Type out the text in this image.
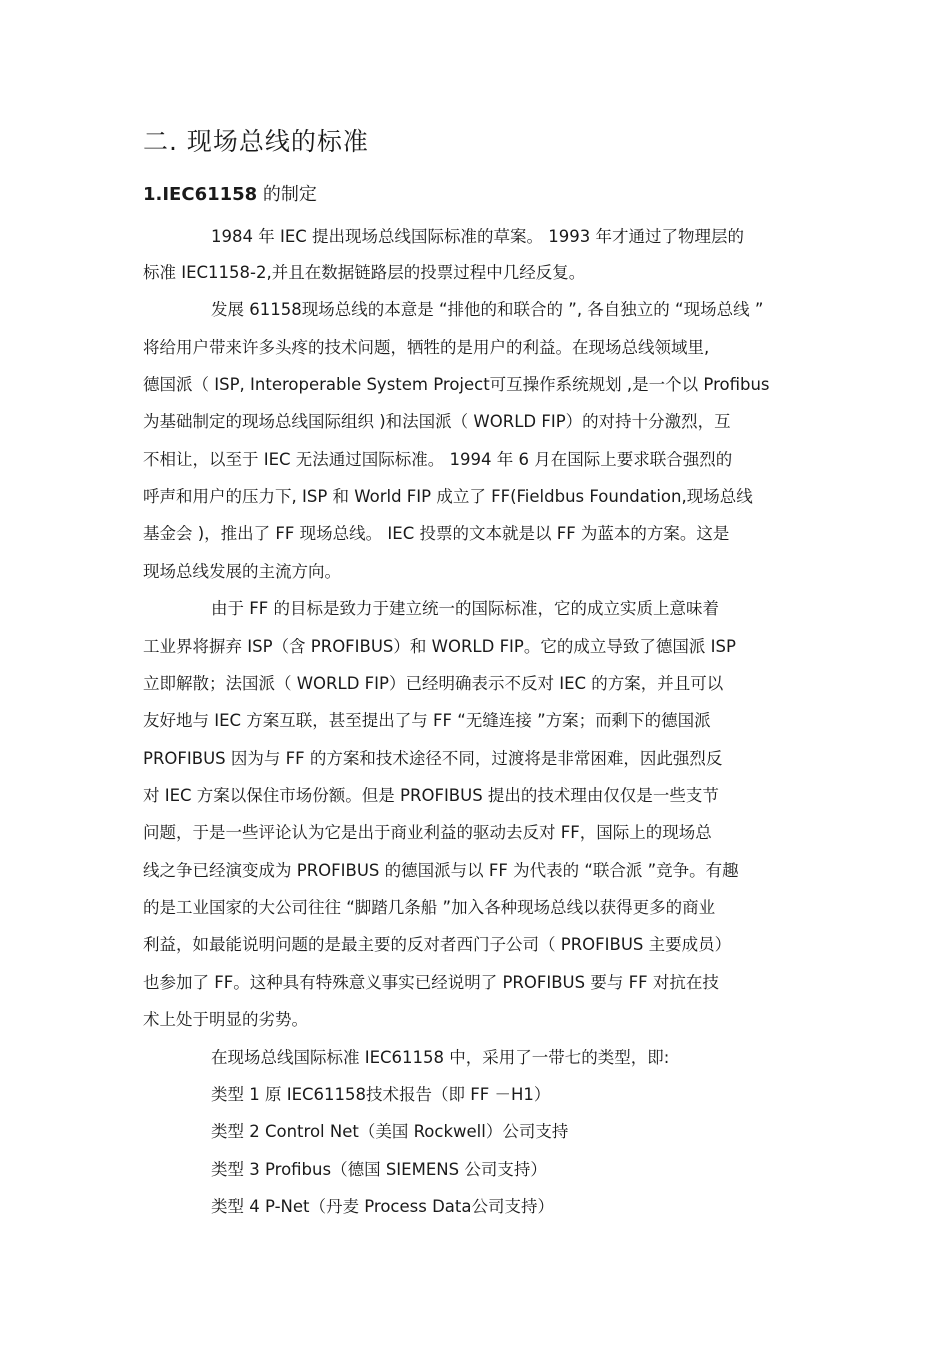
二. 现场总线的标准
1.IEC61158 的制定
1984 年 IEC 提出现场总线国际标准的草案。 1993 年才通过了物理层的
标准 IEC1158-2,并且在数据链路层的投票过程中几经反复。
发展 61158现场总线的本意是 “排他的和联合的 ”, 各自独立的 “现场总线 ”
将给用户带来许多头疼的技术问题，牺牲的是用户的利益。在现场总线领域里,
德国派（ ISP, Interoperable System Project可互操作系统规划 ,是一个以 Profibus
为基础制定的现场总线国际组织 )和法国派（ WORLD FIP）的对持十分激烈，互
不相让，以至于 IEC 无法通过国际标准。 1994 年 6 月在国际上要求联合强烈的
呼声和用户的压力下, ISP 和 World FIP 成立了 FF(Fieldbus Foundation,现场总线
基金会 )，推出了 FF 现场总线。 IEC 投票的文本就是以 FF 为蓝本的方案。这是
现场总线发展的主流方向。
由于 FF 的目标是致力于建立统一的国际标准，它的成立实质上意味着
工业界将摒弃 ISP（含 PROFIBUS）和 WORLD FIP。它的成立导致了德国派 ISP
立即解散；法国派（ WORLD FIP）已经明确表示不反对 IEC 的方案，并且可以
友好地与 IEC 方案互联，甚至提出了与 FF “无缝连接 ”方案；而剩下的德国派
PROFIBUS 因为与 FF 的方案和技术途径不同，过渡将是非常困难，因此强烈反
对 IEC 方案以保住市场份额。但是 PROFIBUS 提出的技术理由仅仅是一些支节
问题，于是一些评论认为它是出于商业利益的驱动去反对 FF，国际上的现场总
线之争已经演变成为 PROFIBUS 的德国派与以 FF 为代表的 “联合派 ”竞争。有趣
的是工业国家的大公司往往 “脚踏几条船 ”加入各种现场总线以获得更多的商业
利益，如最能说明问题的是最主要的反对者西门子公司（ PROFIBUS 主要成员）
也参加了 FF。这种具有特殊意义事实已经说明了 PROFIBUS 要与 FF 对抗在技
术上处于明显的劣势。
在现场总线国际标准 IEC61158 中，采用了一带七的类型，即:
类型 1 原 IEC61158技术报告（即 FF －H1）
类型 2 Control Net（美国 Rockwell）公司支持
类型 3 Profibus（德国 SIEMENS 公司支持）
类型 4 P-Net（丹麦 Process Data公司支持）
